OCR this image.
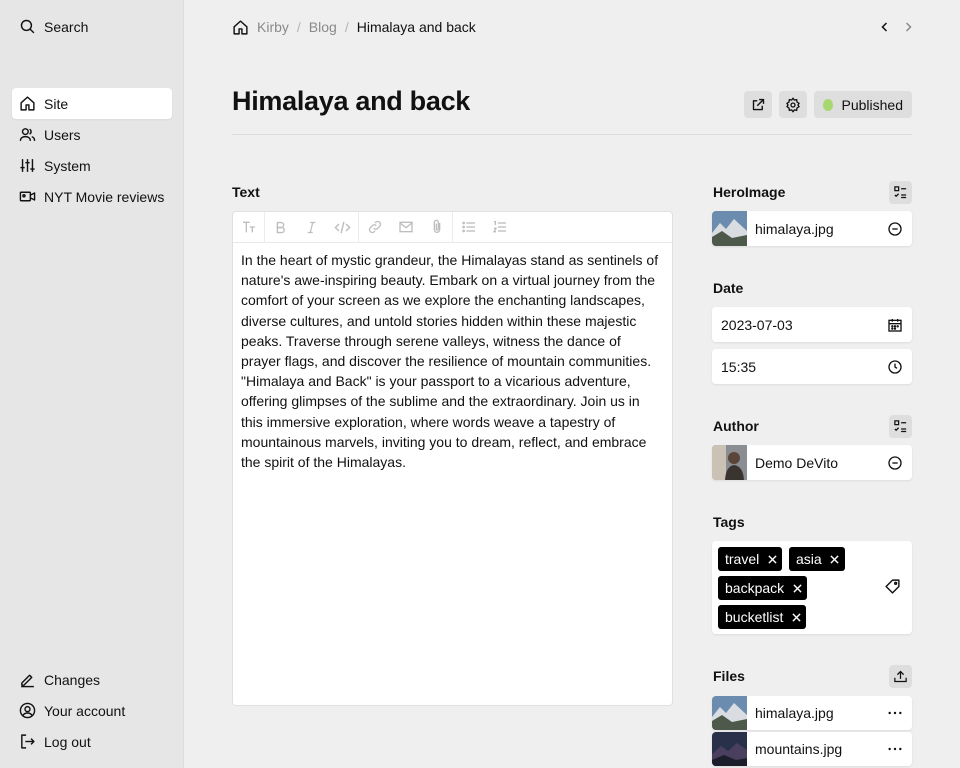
Search
Site
Users
System
NYT Movie reviews
Changes
Your account
Log out
Kirby / Blog / Himalaya and back
Himalaya and back	Published
Text
In the heart of mystic grandeur, the Himalayas stand as sentinels of nature's awe-inspiring beauty. Embark on a virtual journey from the comfort of your screen as we explore the enchanting landscapes, diverse cultures, and untold stories hidden within these majestic peaks. Traverse through serene valleys, witness the dance of prayer flags, and discover the resilience of mountain communities. "Himalaya and Back" is your passport to a vicarious adventure, offering glimpses of the sublime and the extraordinary. Join us in this immersive exploration, where words weave a tapestry of mountainous marvels, inviting you to dream, reflect, and embrace the spirit of the Himalayas.
HeroImage
himalaya.jpg
Date
2023-07-03
15:35
Author
Demo DeVito
Tags
travel	asia
backpack
bucketlist
Files
himalaya.jpg
mountains.jpg
